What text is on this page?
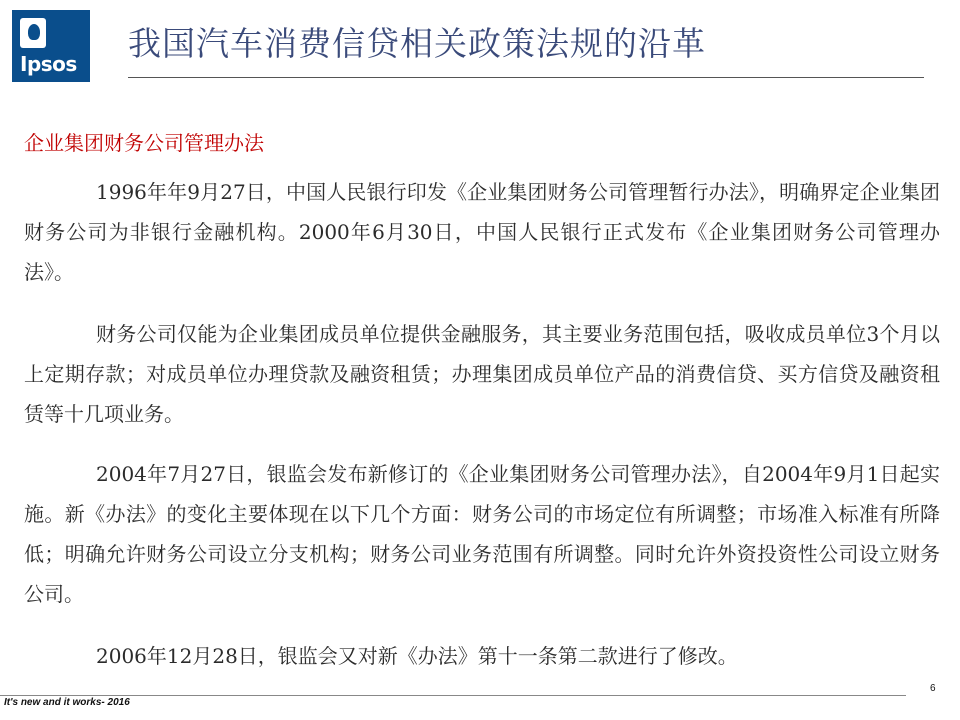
Ipsos
我国汽车消费信贷相关政策法规的沿革
企业集团财务公司管理办法

1996年年9月27日，中国人民银行印发《企业集团财务公司管理暂行办法》，明确界定企业集团财务公司为非银行金融机构。2000年6月30日，中国人民银行正式发布《企业集团财务公司管理办法》。

财务公司仅能为企业集团成员单位提供金融服务，其主要业务范围包括，吸收成员单位3个月以上定期存款；对成员单位办理贷款及融资租赁；办理集团成员单位产品的消费信贷、买方信贷及融资租赁等十几项业务。

2004年7月27日，银监会发布新修订的《企业集团财务公司管理办法》，自2004年9月1日起实施。新《办法》的变化主要体现在以下几个方面：财务公司的市场定位有所调整；市场准入标准有所降低；明确允许财务公司设立分支机构；财务公司业务范围有所调整。同时允许外资投资性公司设立财务公司。

2006年12月28日，银监会又对新《办法》第十一条第二款进行了修改。

It's new and it works- 2016
6
